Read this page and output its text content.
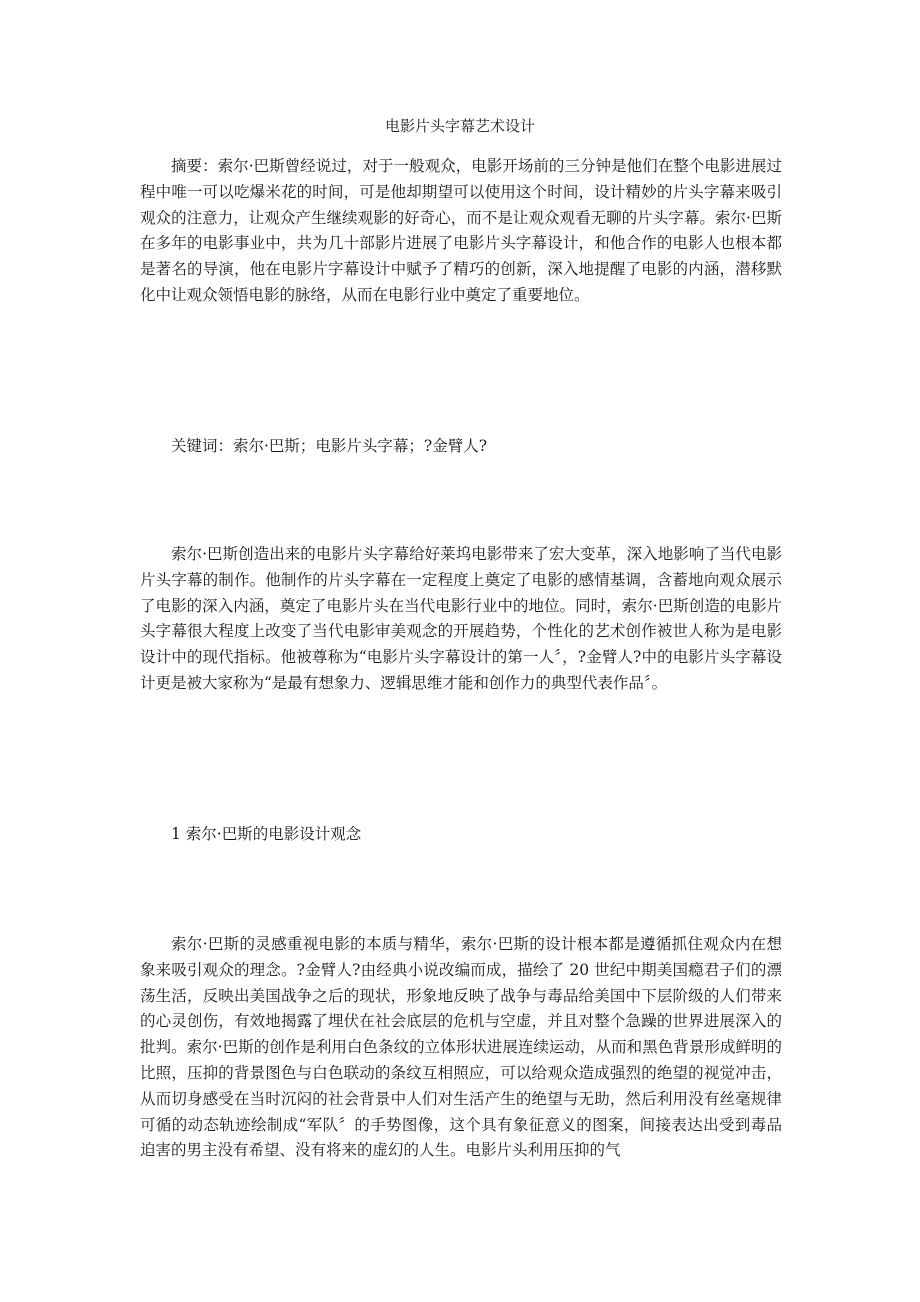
电影片头字幕艺术设计

摘要：索尔·巴斯曾经说过，对于一般观众，电影开场前的三分钟是他们在整个电影进展过程中唯一可以吃爆米花的时间，可是他却期望可以使用这个时间，设计精妙的片头字幕来吸引观众的注意力，让观众产生继续观影的好奇心，而不是让观众观看无聊的片头字幕。索尔·巴斯在多年的电影事业中，共为几十部影片进展了电影片头字幕设计，和他合作的电影人也根本都是著名的导演，他在电影片字幕设计中赋予了精巧的创新，深入地提醒了电影的内涵，潜移默化中让观众领悟电影的脉络，从而在电影行业中奠定了重要地位。

关键词：索尔·巴斯；电影片头字幕；?金臂人?

索尔·巴斯创造出来的电影片头字幕给好莱坞电影带来了宏大变革，深入地影响了当代电影片头字幕的制作。他制作的片头字幕在一定程度上奠定了电影的感情基调，含蓄地向观众展示了电影的深入内涵，奠定了电影片头在当代电影行业中的地位。同时，索尔·巴斯创造的电影片头字幕很大程度上改变了当代电影审美观念的开展趋势，个性化的艺术创作被世人称为是电影设计中的现代指标。他被尊称为“电影片头字幕设计的第一人〞，?金臂人?中的电影片头字幕设计更是被大家称为“是最有想象力、逻辑思维才能和创作力的典型代表作品〞。

1 索尔·巴斯的电影设计观念

索尔·巴斯的灵感重视电影的本质与精华，索尔·巴斯的设计根本都是遵循抓住观众内在想象来吸引观众的理念。?金臂人?由经典小说改编而成，描绘了 20 世纪中期美国瘾君子们的漂荡生活，反映出美国战争之后的现状，形象地反映了战争与毒品给美国中下层阶级的人们带来的心灵创伤，有效地揭露了埋伏在社会底层的危机与空虚，并且对整个急躁的世界进展深入的批判。索尔·巴斯的创作是利用白色条纹的立体形状进展连续运动，从而和黑色背景形成鲜明的比照，压抑的背景图色与白色联动的条纹互相照应，可以给观众造成强烈的绝望的视觉冲击，从而切身感受在当时沉闷的社会背景中人们对生活产生的绝望与无助，然后利用没有丝毫规律可循的动态轨迹绘制成“军队〞的手势图像，这个具有象征意义的图案，间接表达出受到毒品迫害的男主没有希望、没有将来的虚幻的人生。电影片头利用压抑的气
